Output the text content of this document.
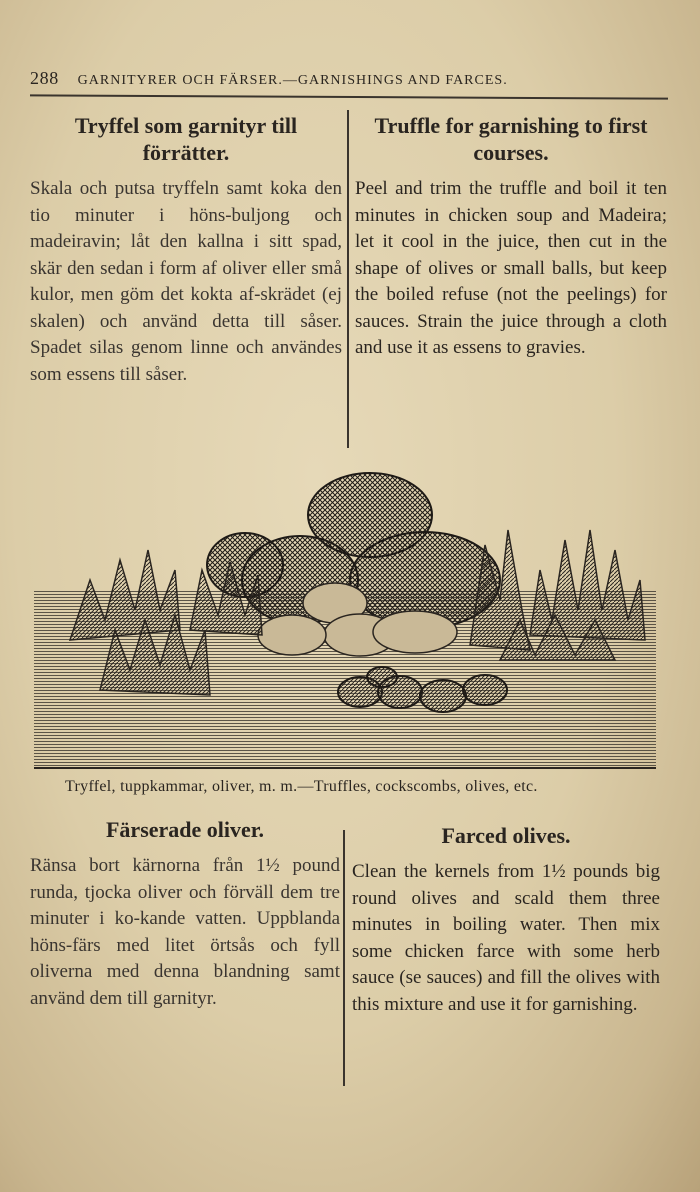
288 GARNITYRER OCH FÄRSER.—GARNISHINGS AND FARCES.
Tryffel som garnityr till förrätter.

Skala och putsa tryffeln samt koka den tio minuter i höns-buljong och madeiravin; låt den kallna i sitt spad, skär den sedan i form af oliver eller små kulor, men göm det kokta af-skrädet (ej skalen) och använd detta till såser. Spadet silas genom linne och användes som essens till såser.

Truffle for garnishing to first courses.

Peel and trim the truffle and boil it ten minutes in chicken soup and Madeira; let it cool in the juice, then cut in the shape of olives or small balls, but keep the boiled refuse (not the peelings) for sauces. Strain the juice through a cloth and use it as essens to gravies.

Tryffel, tuppkammar, oliver, m. m.—Truffles, cockscombs, olives, etc.
Färserade oliver.

Ränsa bort kärnorna från 1½ pound runda, tjocka oliver och förväll dem tre minuter i ko-kande vatten. Uppblanda höns-färs med litet örtsås och fyll oliverna med denna blandning samt använd dem till garnityr.

Farced olives.

Clean the kernels from 1½ pounds big round olives and scald them three minutes in boiling water. Then mix some chicken farce with some herb sauce (se sauces) and fill the olives with this mixture and use it for garnishing.
